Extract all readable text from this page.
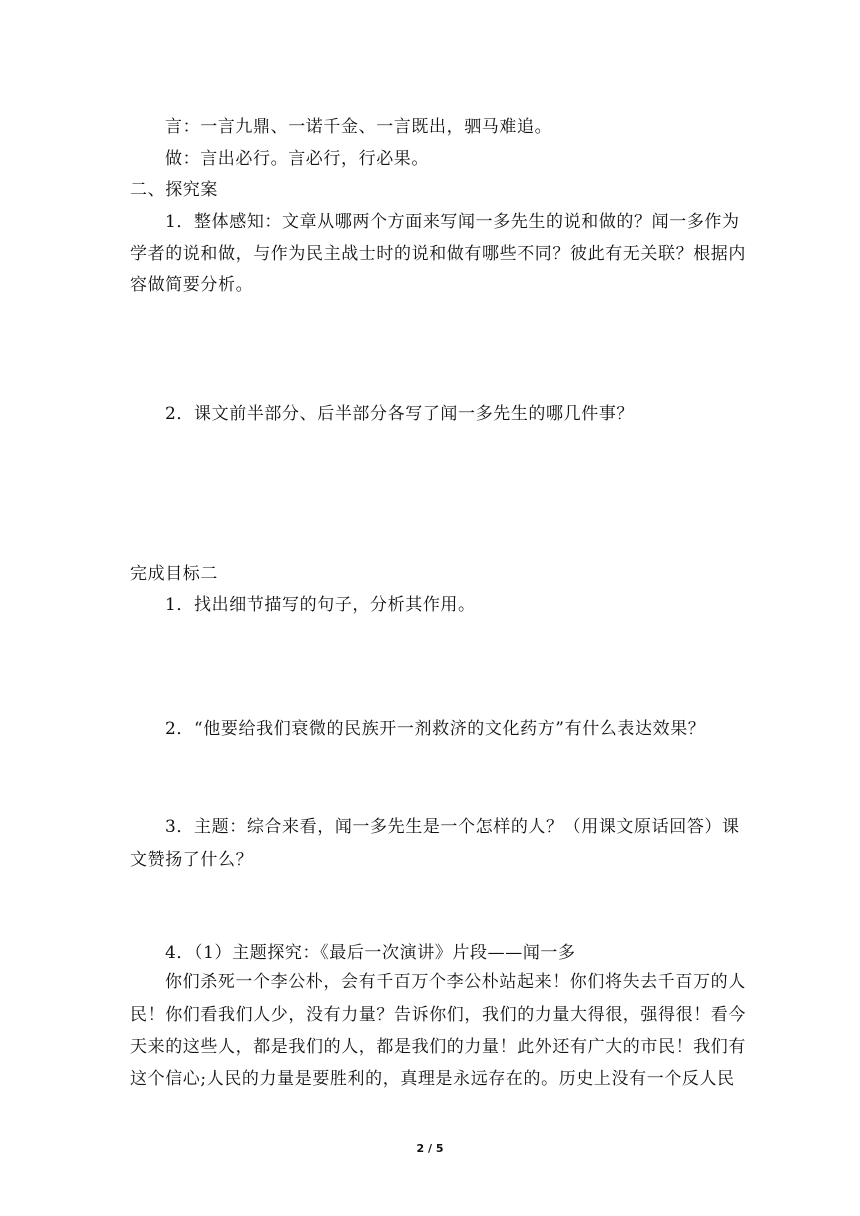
言：一言九鼎、一诺千金、一言既出，驷马难追。
做：言出必行。言必行，行必果。
二、探究案
1．整体感知：文章从哪两个方面来写闻一多先生的说和做的？闻一多作为
学者的说和做，与作为民主战士时的说和做有哪些不同？彼此有无关联？根据内
容做简要分析。
2．课文前半部分、后半部分各写了闻一多先生的哪几件事？
完成目标二
1．找出细节描写的句子，分析其作用。
2．“他要给我们衰微的民族开一剂救济的文化药方”有什么表达效果？
3．主题：综合来看，闻一多先生是一个怎样的人？（用课文原话回答）课
文赞扬了什么？
4．（1）主题探究：《最后一次演讲》片段——闻一多
你们杀死一个李公朴，会有千百万个李公朴站起来！你们将失去千百万的人
民！你们看我们人少，没有力量？告诉你们，我们的力量大得很，强得很！看今
天来的这些人，都是我们的人，都是我们的力量！此外还有广大的市民！我们有
这个信心;人民的力量是要胜利的，真理是永远存在的。历史上没有一个反人民
2 / 5
